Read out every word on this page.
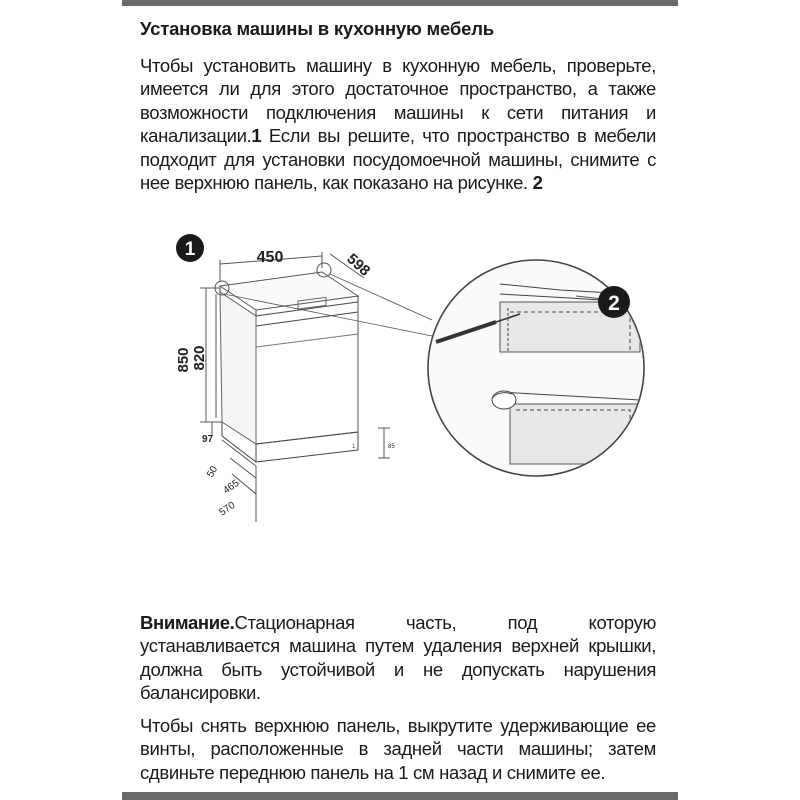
Установка машины в кухонную мебель

Чтобы установить машину в кухонную мебель, проверьте, имеется ли для этого достаточное пространство, а также возможности подключения машины к сети питания и канализации.1 Если вы решите, что пространство в мебели подходит для установки посудомоечной машины, снимите с нее верхнюю панель, как показано на рисунке. 2

Внимание.Стационарная часть, под которую устанавливается машина путем удаления верхней крышки, должна быть устойчивой и не допускать нарушения балансировки.

Чтобы снять верхнюю панель, выкрутите удерживающие ее винты, расположенные в задней части машины; затем сдвиньте переднюю панель на 1 см назад и снимите ее.

1
1
450	598
850 820
97
50
465
570
85
2
